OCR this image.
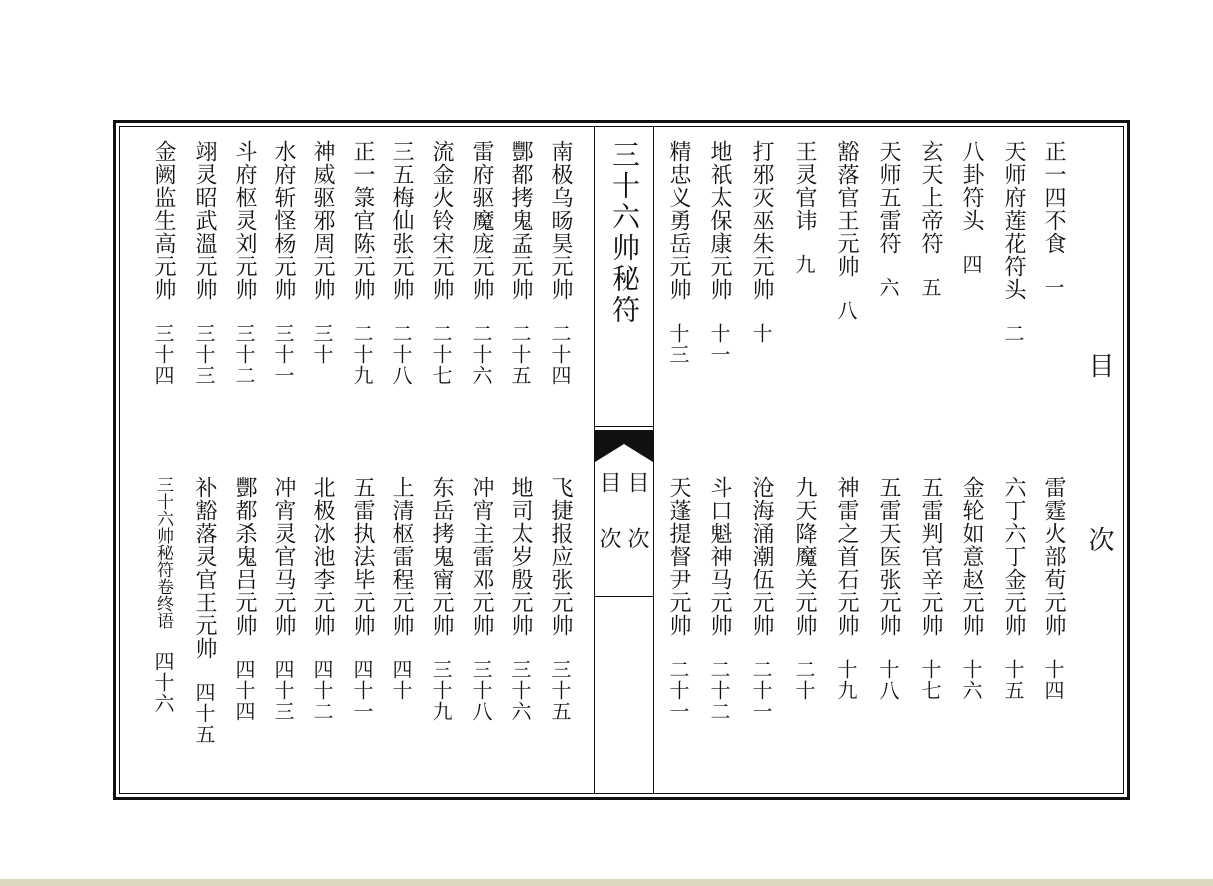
目次
三十六帅秘符
目次
目次
正一四不食一
雷霆火部荀元帅十四
天师府莲花符头二
六丁六丁金元帅十五
八卦符头四
金轮如意赵元帅十六
玄天上帝符五
五雷判官辛元帅十七
天师五雷符六
五雷天医张元帅十八
豁落官王元帅八
神雷之首石元帅十九
王灵官讳九
九天降魔关元帅二十
打邪灭巫朱元帅十
沧海涌潮伍元帅二十一
地祇太保康元帅十一
斗口魁神马元帅二十二
精忠义勇岳元帅十三
天蓬提督尹元帅二十一
南极乌旸昊元帅二十四
飞捷报应张元帅三十五
酆都拷鬼孟元帅二十五
地司太岁殷元帅三十六
雷府驱魔庞元帅二十六
冲宵主雷邓元帅三十八
流金火铃宋元帅二十七
东岳拷鬼甯元帅三十九
三五梅仙张元帅二十八
上清枢雷程元帅四十
正一箓官陈元帅二十九
五雷执法毕元帅四十一
神威驱邪周元帅三十
北极冰池李元帅四十二
水府斩怪杨元帅三十一
冲宵灵官马元帅四十三
斗府枢灵刘元帅三十二
酆都杀鬼吕元帅四十四
翊灵昭武溫元帅三十三
补豁落灵官王元帅四十五
金阙监生高元帅三十四
三十六帅秘符卷终语四十六
